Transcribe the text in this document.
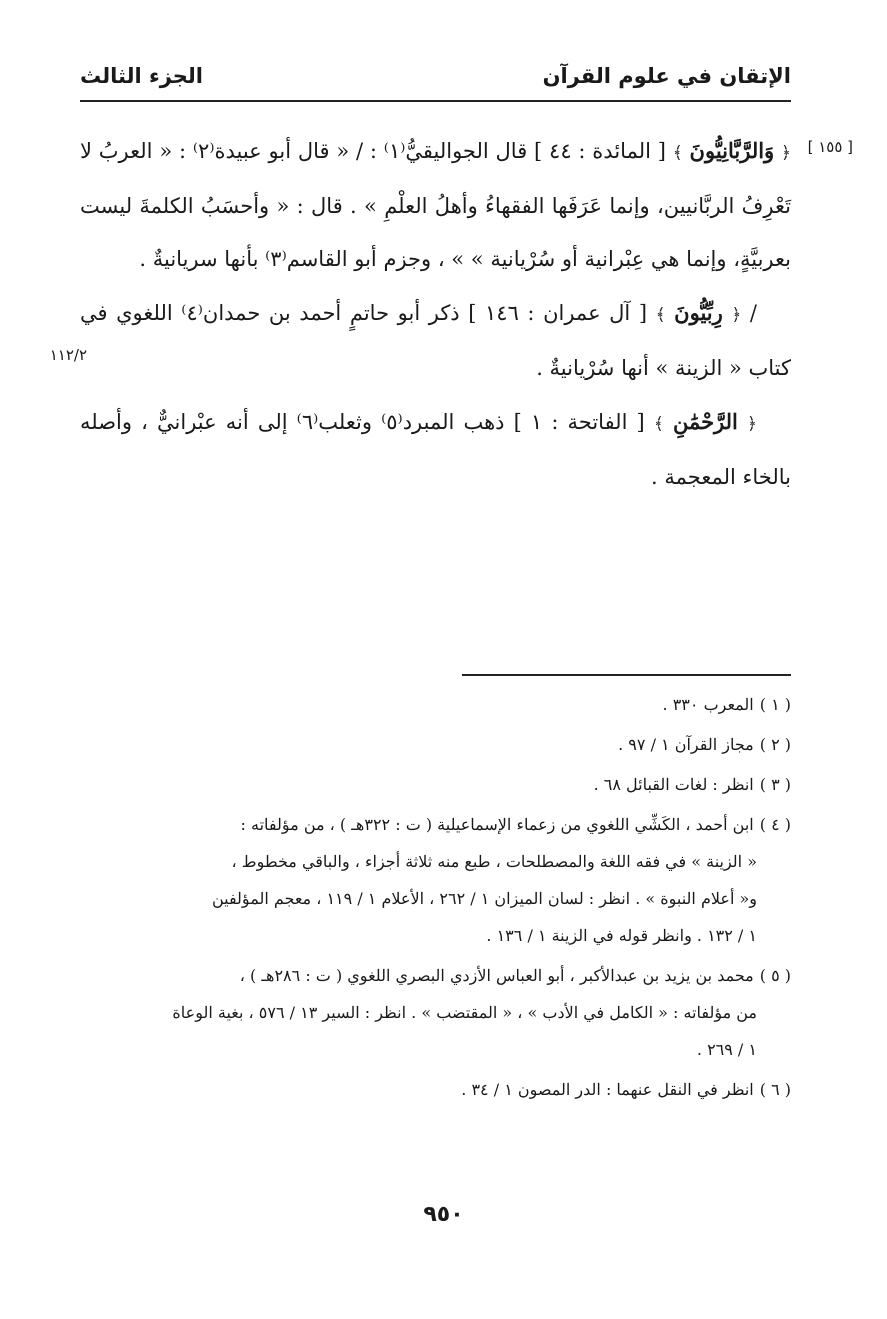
الإتقان في علوم القرآن
الجزء الثالث
[ ١٥٥ ]
١١٢/٢

﴿ وَالرَّبَّانِيُّونَ ﴾ [ المائدة : ٤٤ ] قال الجواليقيُّ⁽١⁾ : / « قال أبو عبيدة⁽٢⁾ : « العربُ لا تَعْرِفُ الربَّانيين، وإنما عَرَفَها الفقهاءُ وأهلُ العلْمِ » . قال : « وأحسَبُ الكلمةَ ليست بعربيَّةٍ، وإنما هي عِبْرانية أو سُرْيانية » » ، وجزم أبو القاسم⁽٣⁾ بأنها سريانيةٌ .

/ ﴿ رِبِّيُّونَ ﴾ [ آل عمران : ١٤٦ ] ذكر أبو حاتمٍ أحمد بن حمدان⁽٤⁾ اللغوي في كتاب « الزينة » أنها سُرْيانيةٌ .

﴿ الرَّحْمَٰنِ ﴾ [ الفاتحة : ١ ] ذهب المبرد⁽٥⁾ وثعلب⁽٦⁾ إلى أنه عبْرانيٌّ ، وأصله بالخاء المعجمة .

( ١ )المعرب ٣٣٠ .
( ٢ )مجاز القرآن ١ / ٩٧ .
( ٣ )انظر : لغات القبائل ٦٨ .
( ٤ )ابن أحمد ، الكَشِّي اللغوي من زعماء الإسماعيلية ( ت : ٣٢٢هـ ) ، من مؤلفاته :
« الزينة » في فقه اللغة والمصطلحات ، طبع منه ثلاثة أجزاء ، والباقي مخطوط ،
و« أعلام النبوة » . انظر : لسان الميزان ١ / ٢٦٢ ، الأعلام ١ / ١١٩ ، معجم المؤلفين
١ / ١٣٢ . وانظر قوله في الزينة ١ / ١٣٦ .
( ٥ )محمد بن يزيد بن عبدالأكبر ، أبو العباس الأزدي البصري اللغوي ( ت : ٢٨٦هـ ) ،
من مؤلفاته : « الكامل في الأدب » ، « المقتضب » . انظر : السير ١٣ / ٥٧٦ ، بغية الوعاة
١ / ٢٦٩ .
( ٦ )انظر في النقل عنهما : الدر المصون ١ / ٣٤ .
٩٥٠
